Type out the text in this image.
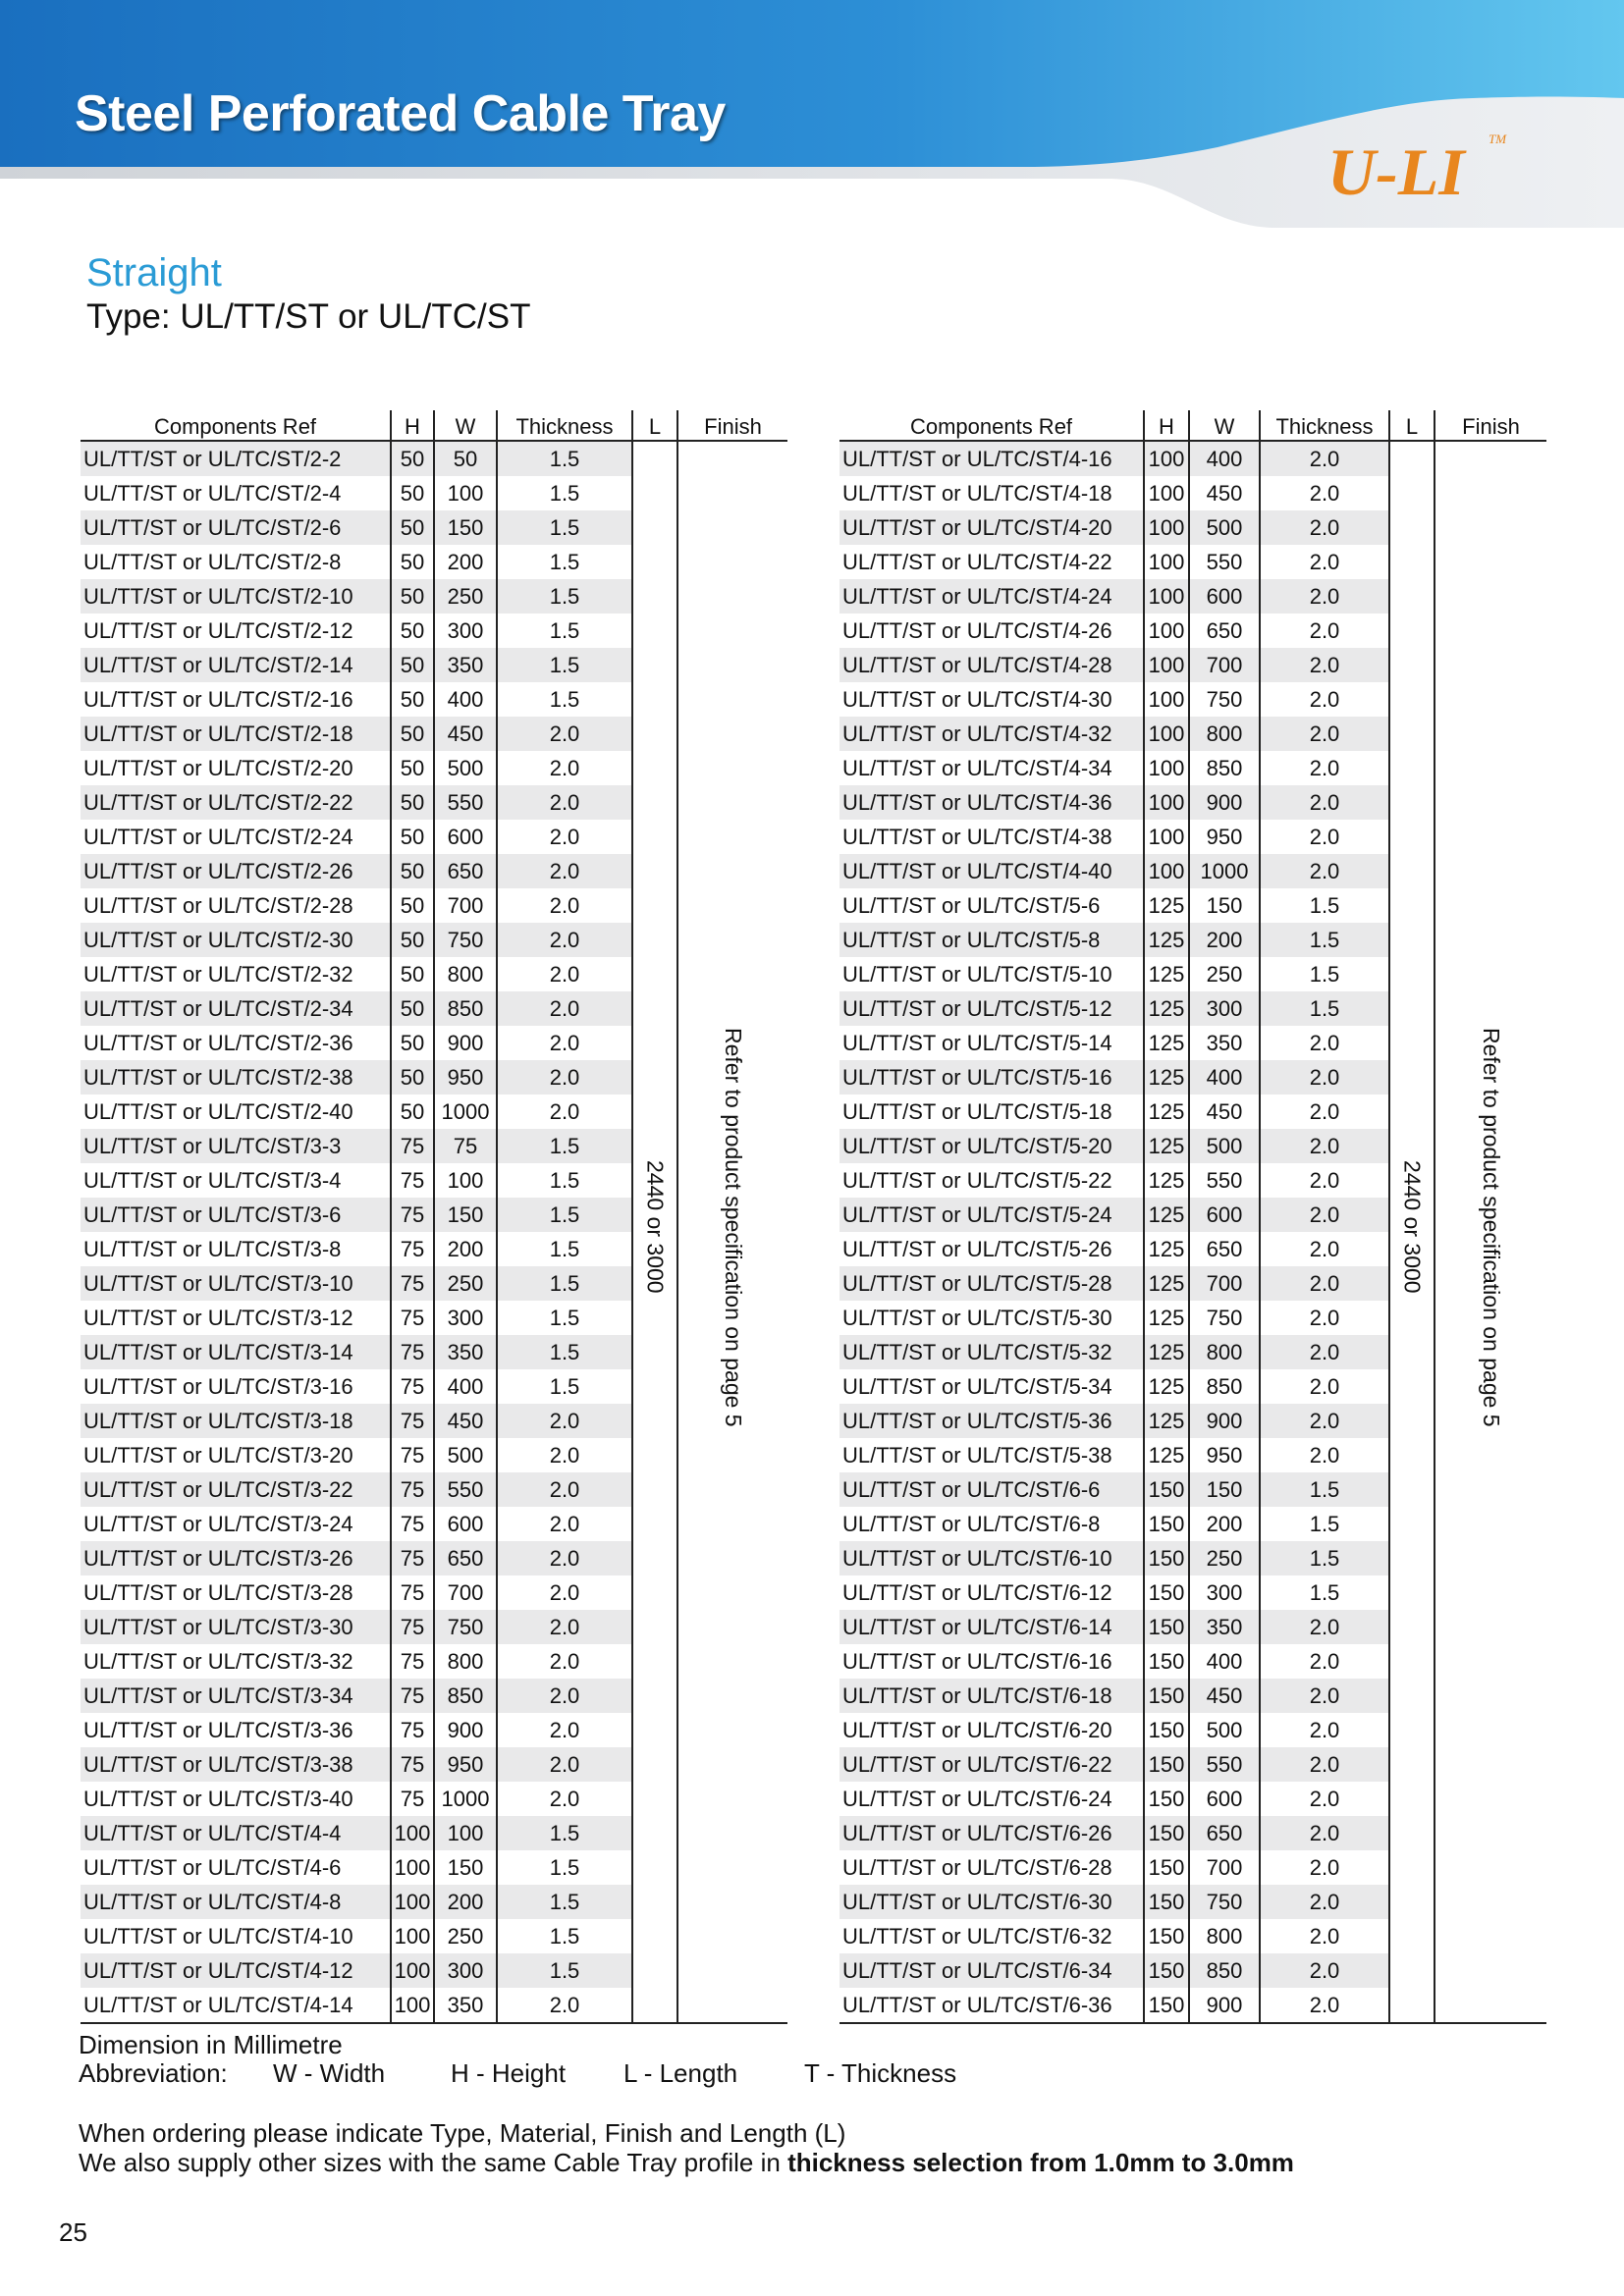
Steel Perforated Cable Tray
U-LI TM
Straight
Type: UL/TT/ST or UL/TC/ST
Components Ref	H	W	Thickness	L	Finish
UL/TT/ST or UL/TC/ST/2-2	50	50	1.5	2440 or 3000	Refer to product specification on page 5
UL/TT/ST or UL/TC/ST/2-4	50	100	1.5		
UL/TT/ST or UL/TC/ST/2-6	50	150	1.5		
UL/TT/ST or UL/TC/ST/2-8	50	200	1.5		
UL/TT/ST or UL/TC/ST/2-10	50	250	1.5		
UL/TT/ST or UL/TC/ST/2-12	50	300	1.5		
UL/TT/ST or UL/TC/ST/2-14	50	350	1.5		
UL/TT/ST or UL/TC/ST/2-16	50	400	1.5		
UL/TT/ST or UL/TC/ST/2-18	50	450	2.0		
UL/TT/ST or UL/TC/ST/2-20	50	500	2.0		
UL/TT/ST or UL/TC/ST/2-22	50	550	2.0		
UL/TT/ST or UL/TC/ST/2-24	50	600	2.0		
UL/TT/ST or UL/TC/ST/2-26	50	650	2.0		
UL/TT/ST or UL/TC/ST/2-28	50	700	2.0		
UL/TT/ST or UL/TC/ST/2-30	50	750	2.0		
UL/TT/ST or UL/TC/ST/2-32	50	800	2.0		
UL/TT/ST or UL/TC/ST/2-34	50	850	2.0		
UL/TT/ST or UL/TC/ST/2-36	50	900	2.0		
UL/TT/ST or UL/TC/ST/2-38	50	950	2.0		
UL/TT/ST or UL/TC/ST/2-40	50	1000	2.0		
UL/TT/ST or UL/TC/ST/3-3	75	75	1.5		
UL/TT/ST or UL/TC/ST/3-4	75	100	1.5		
UL/TT/ST or UL/TC/ST/3-6	75	150	1.5		
UL/TT/ST or UL/TC/ST/3-8	75	200	1.5		
UL/TT/ST or UL/TC/ST/3-10	75	250	1.5		
UL/TT/ST or UL/TC/ST/3-12	75	300	1.5		
UL/TT/ST or UL/TC/ST/3-14	75	350	1.5		
UL/TT/ST or UL/TC/ST/3-16	75	400	1.5		
UL/TT/ST or UL/TC/ST/3-18	75	450	2.0		
UL/TT/ST or UL/TC/ST/3-20	75	500	2.0		
UL/TT/ST or UL/TC/ST/3-22	75	550	2.0		
UL/TT/ST or UL/TC/ST/3-24	75	600	2.0		
UL/TT/ST or UL/TC/ST/3-26	75	650	2.0		
UL/TT/ST or UL/TC/ST/3-28	75	700	2.0		
UL/TT/ST or UL/TC/ST/3-30	75	750	2.0		
UL/TT/ST or UL/TC/ST/3-32	75	800	2.0		
UL/TT/ST or UL/TC/ST/3-34	75	850	2.0		
UL/TT/ST or UL/TC/ST/3-36	75	900	2.0		
UL/TT/ST or UL/TC/ST/3-38	75	950	2.0		
UL/TT/ST or UL/TC/ST/3-40	75	1000	2.0		
UL/TT/ST or UL/TC/ST/4-4	100	100	1.5		
UL/TT/ST or UL/TC/ST/4-6	100	150	1.5		
UL/TT/ST or UL/TC/ST/4-8	100	200	1.5		
UL/TT/ST or UL/TC/ST/4-10	100	250	1.5		
UL/TT/ST or UL/TC/ST/4-12	100	300	1.5		
UL/TT/ST or UL/TC/ST/4-14	100	350	2.0		
Components Ref	H	W	Thickness	L	Finish
UL/TT/ST or UL/TC/ST/4-16	100	400	2.0	2440 or 3000	Refer to product specification on page 5
UL/TT/ST or UL/TC/ST/4-18	100	450	2.0		
UL/TT/ST or UL/TC/ST/4-20	100	500	2.0		
UL/TT/ST or UL/TC/ST/4-22	100	550	2.0		
UL/TT/ST or UL/TC/ST/4-24	100	600	2.0		
UL/TT/ST or UL/TC/ST/4-26	100	650	2.0		
UL/TT/ST or UL/TC/ST/4-28	100	700	2.0		
UL/TT/ST or UL/TC/ST/4-30	100	750	2.0		
UL/TT/ST or UL/TC/ST/4-32	100	800	2.0		
UL/TT/ST or UL/TC/ST/4-34	100	850	2.0		
UL/TT/ST or UL/TC/ST/4-36	100	900	2.0		
UL/TT/ST or UL/TC/ST/4-38	100	950	2.0		
UL/TT/ST or UL/TC/ST/4-40	100	1000	2.0		
UL/TT/ST or UL/TC/ST/5-6	125	150	1.5		
UL/TT/ST or UL/TC/ST/5-8	125	200	1.5		
UL/TT/ST or UL/TC/ST/5-10	125	250	1.5		
UL/TT/ST or UL/TC/ST/5-12	125	300	1.5		
UL/TT/ST or UL/TC/ST/5-14	125	350	2.0		
UL/TT/ST or UL/TC/ST/5-16	125	400	2.0		
UL/TT/ST or UL/TC/ST/5-18	125	450	2.0		
UL/TT/ST or UL/TC/ST/5-20	125	500	2.0		
UL/TT/ST or UL/TC/ST/5-22	125	550	2.0		
UL/TT/ST or UL/TC/ST/5-24	125	600	2.0		
UL/TT/ST or UL/TC/ST/5-26	125	650	2.0		
UL/TT/ST or UL/TC/ST/5-28	125	700	2.0		
UL/TT/ST or UL/TC/ST/5-30	125	750	2.0		
UL/TT/ST or UL/TC/ST/5-32	125	800	2.0		
UL/TT/ST or UL/TC/ST/5-34	125	850	2.0		
UL/TT/ST or UL/TC/ST/5-36	125	900	2.0		
UL/TT/ST or UL/TC/ST/5-38	125	950	2.0		
UL/TT/ST or UL/TC/ST/6-6	150	150	1.5		
UL/TT/ST or UL/TC/ST/6-8	150	200	1.5		
UL/TT/ST or UL/TC/ST/6-10	150	250	1.5		
UL/TT/ST or UL/TC/ST/6-12	150	300	1.5		
UL/TT/ST or UL/TC/ST/6-14	150	350	2.0		
UL/TT/ST or UL/TC/ST/6-16	150	400	2.0		
UL/TT/ST or UL/TC/ST/6-18	150	450	2.0		
UL/TT/ST or UL/TC/ST/6-20	150	500	2.0		
UL/TT/ST or UL/TC/ST/6-22	150	550	2.0		
UL/TT/ST or UL/TC/ST/6-24	150	600	2.0		
UL/TT/ST or UL/TC/ST/6-26	150	650	2.0		
UL/TT/ST or UL/TC/ST/6-28	150	700	2.0		
UL/TT/ST or UL/TC/ST/6-30	150	750	2.0		
UL/TT/ST or UL/TC/ST/6-32	150	800	2.0		
UL/TT/ST or UL/TC/ST/6-34	150	850	2.0		
UL/TT/ST or UL/TC/ST/6-36	150	900	2.0		
Dimension in Millimetre
Abbreviation: W - Width	H - Height L - Length	T - Thickness
When ordering please indicate Type, Material, Finish and Length (L)
We also supply other sizes with the same Cable Tray profile in thickness selection from 1.0mm to 3.0mm
25
